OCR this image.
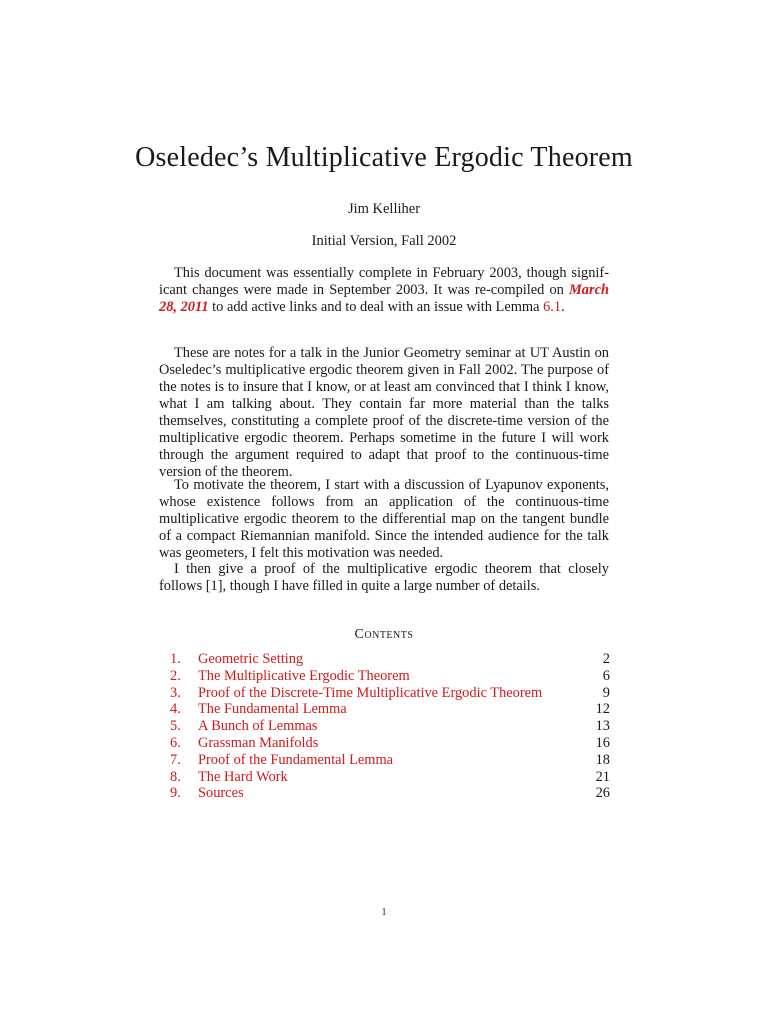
Oseledec’s Multiplicative Ergodic Theorem
Jim Kelliher
Initial Version, Fall 2002
This document was essentially complete in February 2003, though signif-icant changes were made in September 2003. It was re-compiled on March 28, 2011 to add active links and to deal with an issue with Lemma 6.1.
These are notes for a talk in the Junior Geometry seminar at UT Austin on Oseledec’s multiplicative ergodic theorem given in Fall 2002. The purpose of the notes is to insure that I know, or at least am convinced that I think I know, what I am talking about. They contain far more material than the talks themselves, constituting a complete proof of the discrete-time version of the multiplicative ergodic theorem. Perhaps sometime in the future I will work through the argument required to adapt that proof to the continuous-time version of the theorem.
To motivate the theorem, I start with a discussion of Lyapunov exponents, whose existence follows from an application of the continuous-time multiplicative ergodic theorem to the differential map on the tangent bundle of a compact Riemannian manifold. Since the intended audience for the talk was geometers, I felt this motivation was needed.
I then give a proof of the multiplicative ergodic theorem that closely follows [1], though I have filled in quite a large number of details.
Contents
1.	Geometric Setting	2
2.	The Multiplicative Ergodic Theorem	6
3.	Proof of the Discrete-Time Multiplicative Ergodic Theorem	9
4.	The Fundamental Lemma	12
5.	A Bunch of Lemmas	13
6.	Grassman Manifolds	16
7.	Proof of the Fundamental Lemma	18
8.	The Hard Work	21
9.	Sources	26
1
